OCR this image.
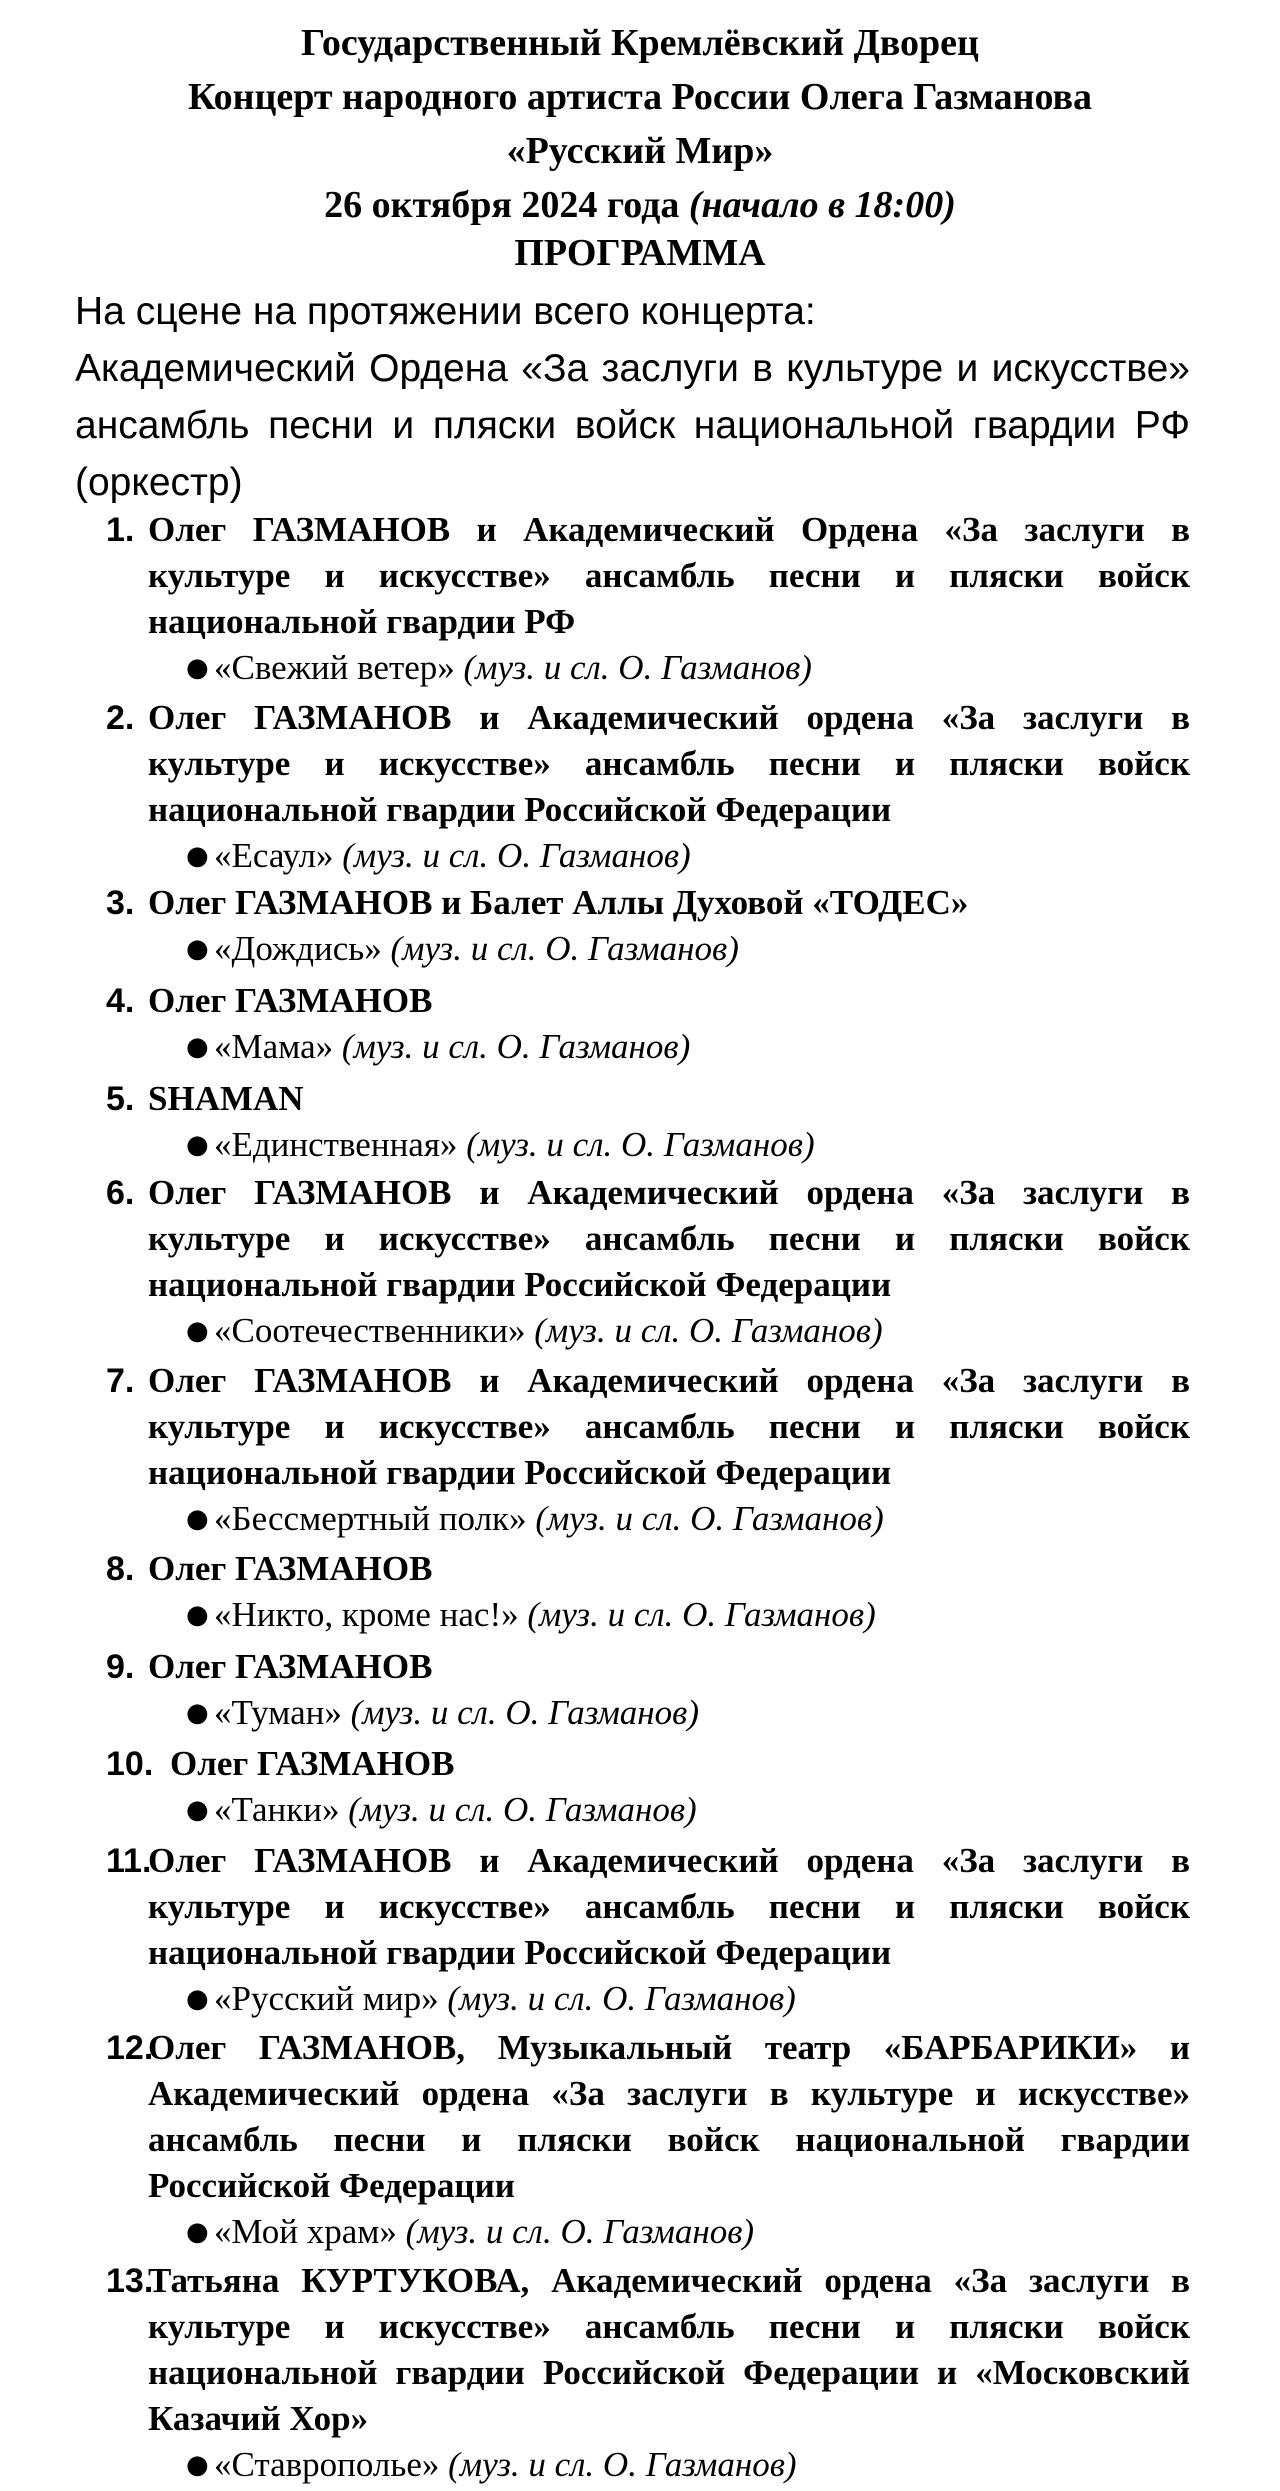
Государственный Кремлёвский Дворец
Концерт народного артиста России Олега Газманова
«Русский Мир»
26 октября 2024 года (начало в 18:00)
ПРОГРАММА

На сцене на протяжении всего концерта:

Академический Ордена «За заслуги в культуре и искусстве» ансамбль песни и пляски войск национальной гвардии РФ (оркестр)

1. Олег ГАЗМАНОВ и Академический Ордена «За заслуги в культуре и искусстве» ансамбль песни и пляски войск национальной гвардии РФ
● «Свежий ветер» (муз. и сл. О. Газманов)
2. Олег ГАЗМАНОВ и Академический ордена «За заслуги в культуре и искусстве» ансамбль песни и пляски войск национальной гвардии Российской Федерации
● «Есаул» (муз. и сл. О. Газманов)
3. Олег ГАЗМАНОВ и Балет Аллы Духовой «ТОДЕС»
● «Дождись» (муз. и сл. О. Газманов)
4. Олег ГАЗМАНОВ
● «Мама» (муз. и сл. О. Газманов)
5. SHAMAN
● «Единственная» (муз. и сл. О. Газманов)
6. Олег ГАЗМАНОВ и Академический ордена «За заслуги в культуре и искусстве» ансамбль песни и пляски войск национальной гвардии Российской Федерации
● «Соотечественники» (муз. и сл. О. Газманов)
7. Олег ГАЗМАНОВ и Академический ордена «За заслуги в культуре и искусстве» ансамбль песни и пляски войск национальной гвардии Российской Федерации
● «Бессмертный полк» (муз. и сл. О. Газманов)
8. Олег ГАЗМАНОВ
● «Никто, кроме нас!» (муз. и сл. О. Газманов)
9. Олег ГАЗМАНОВ
● «Туман» (муз. и сл. О. Газманов)
10. Олег ГАЗМАНОВ
● «Танки» (муз. и сл. О. Газманов)
11.
Олег ГАЗМАНОВ и Академический ордена «За заслуги в культуре и искусстве» ансамбль песни и пляски войск национальной гвардии Российской Федерации
● «Русский мир» (муз. и сл. О. Газманов)
12.
Олег ГАЗМАНОВ, Музыкальный театр «БАРБАРИКИ» и Академический ордена «За заслуги в культуре и искусстве» ансамбль песни и пляски войск национальной гвардии Российской Федерации
● «Мой храм» (муз. и сл. О. Газманов)
13.
Татьяна КУРТУКОВА, Академический ордена «За заслуги в культуре и искусстве» ансамбль песни и пляски войск национальной гвардии Российской Федерации и «Московский Казачий Хор»
● «Ставрополье» (муз. и сл. О. Газманов)
